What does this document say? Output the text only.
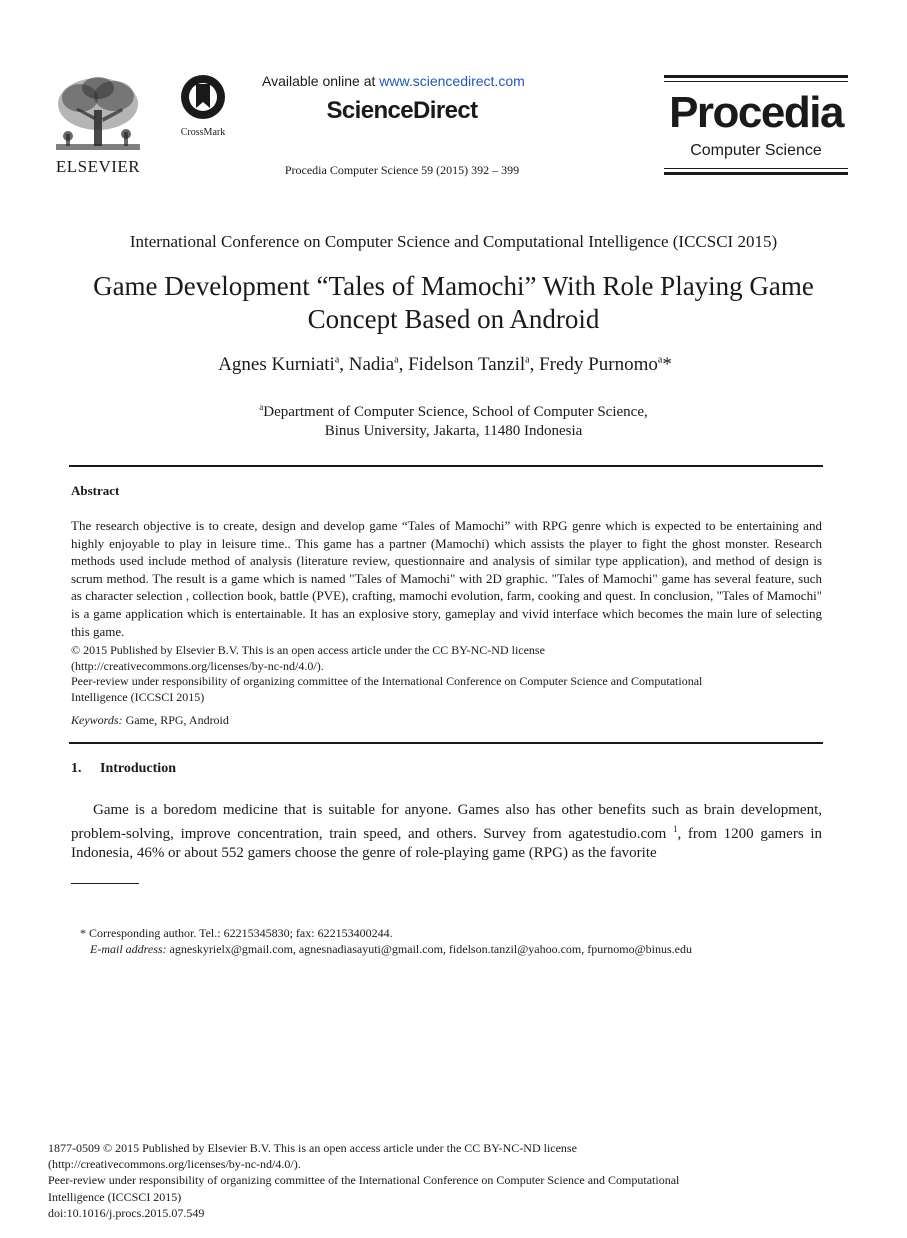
ELSEVIER
CrossMark
Available online at www.sciencedirect.com
ScienceDirect
Procedia Computer Science 59 (2015) 392 – 399
Procedia
Computer Science
International Conference on Computer Science and Computational Intelligence (ICCSCI 2015)
Game Development “Tales of Mamochi” With Role Playing Game
Concept Based on Android
Agnes Kurniati$^a$, Nadia$^a$, Fidelson Tanzil$^a$, Fredy Purnomo$^a$*
$^a$Department of Computer Science, School of Computer Science,
Binus University, Jakarta, 11480 Indonesia
Abstract
The research objective is to create, design and develop game “Tales of Mamochi” with RPG genre which is expected to be entertaining and highly enjoyable to play in leisure time.. This game has a partner (Mamochi) which assists the player to fight the ghost monster. Research methods used include method of analysis (literature review, questionnaire and analysis of similar type application), and method of design is scrum method. The result is a game which is named "Tales of Mamochi" with 2D graphic. "Tales of Mamochi" game has several feature, such as character selection , collection book, battle (PVE), crafting, mamochi evolution, farm, cooking and quest. In conclusion, "Tales of Mamochi" is a game application which is entertainable. It has an explosive story, gameplay and vivid interface which becomes the main lure of selecting this game.
© 2015 Published by Elsevier B.V. This is an open access article under the CC BY-NC-ND license
(http://creativecommons.org/licenses/by-nc-nd/4.0/).
Peer-review under responsibility of organizing committee of the International Conference on Computer Science and Computational
Intelligence (ICCSCI 2015)
Keywords: Game, RPG, Android
1. Introduction
Game is a boredom medicine that is suitable for anyone. Games also has other benefits such as brain development, problem-solving, improve concentration, train speed, and others. Survey from agatestudio.com $^1$, from 1200 gamers in Indonesia, 46% or about 552 gamers choose the genre of role-playing game (RPG) as the favorite
* Corresponding author. Tel.: 62215345830; fax: 622153400244.
E-mail address: agneskyrielx@gmail.com, agnesnadiasayuti@gmail.com, fidelson.tanzil@yahoo.com, fpurnomo@binus.edu
1877-0509 © 2015 Published by Elsevier B.V. This is an open access article under the CC BY-NC-ND license
(http://creativecommons.org/licenses/by-nc-nd/4.0/).
Peer-review under responsibility of organizing committee of the International Conference on Computer Science and Computational
Intelligence (ICCSCI 2015)
doi:10.1016/j.procs.2015.07.549
